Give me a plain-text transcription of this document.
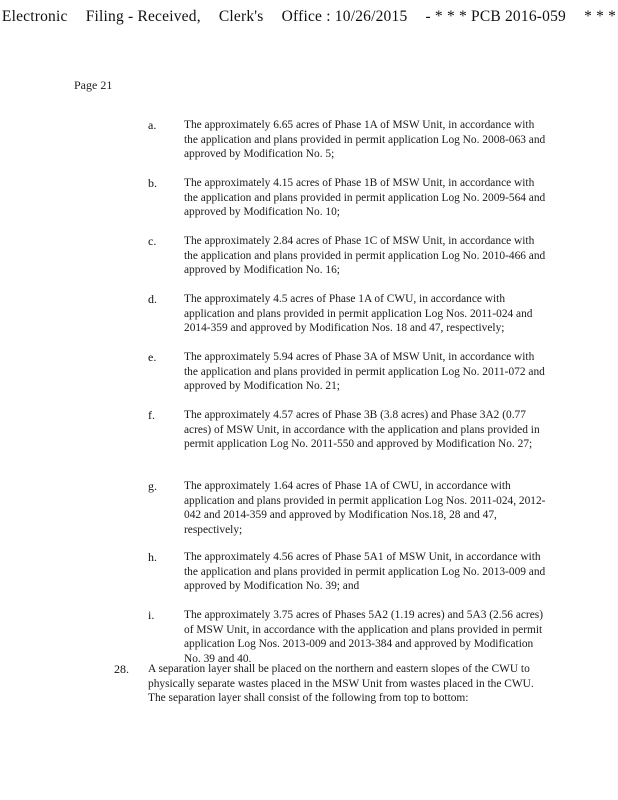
Electronic Filing - Received, Clerk's Office : 10/26/2015 - * * * PCB 2016-059 * * *
Page 21
a. The approximately 6.65 acres of Phase 1A of MSW Unit, in accordance with the application and plans provided in permit application Log No. 2008-063 and approved by Modification No. 5;
b. The approximately 4.15 acres of Phase 1B of MSW Unit, in accordance with the application and plans provided in permit application Log No. 2009-564 and approved by Modification No. 10;
c. The approximately 2.84 acres of Phase 1C of MSW Unit, in accordance with the application and plans provided in permit application Log No. 2010-466 and approved by Modification No. 16;
d. The approximately 4.5 acres of Phase 1A of CWU, in accordance with application and plans provided in permit application Log Nos. 2011-024 and 2014-359 and approved by Modification Nos. 18 and 47, respectively;
e. The approximately 5.94 acres of Phase 3A of MSW Unit, in accordance with the application and plans provided in permit application Log No. 2011-072 and approved by Modification No. 21;
f.	The approximately 4.57 acres of Phase 3B (3.8 acres) and Phase 3A2 (0.77 acres) of MSW Unit, in accordance with the application and plans provided in permit application Log No. 2011-550 and approved by Modification No. 27;
g. The approximately 1.64 acres of Phase 1A of CWU, in accordance with application and plans provided in permit application Log Nos. 2011-024, 2012-042 and 2014-359 and approved by Modification Nos.18, 28 and 47, respectively;
h. The approximately 4.56 acres of Phase 5A1 of MSW Unit, in accordance with the application and plans provided in permit application Log No. 2013-009 and approved by Modification No. 39; and
i.	The approximately 3.75 acres of Phases 5A2 (1.19 acres) and 5A3 (2.56 acres) of MSW Unit, in accordance with the application and plans provided in permit application Log Nos. 2013-009 and 2013-384 and approved by Modification No. 39 and 40.
28. A separation layer shall be placed on the northern and eastern slopes of the CWU to physically separate wastes placed in the MSW Unit from wastes placed in the CWU. The separation layer shall consist of the following from top to bottom:
